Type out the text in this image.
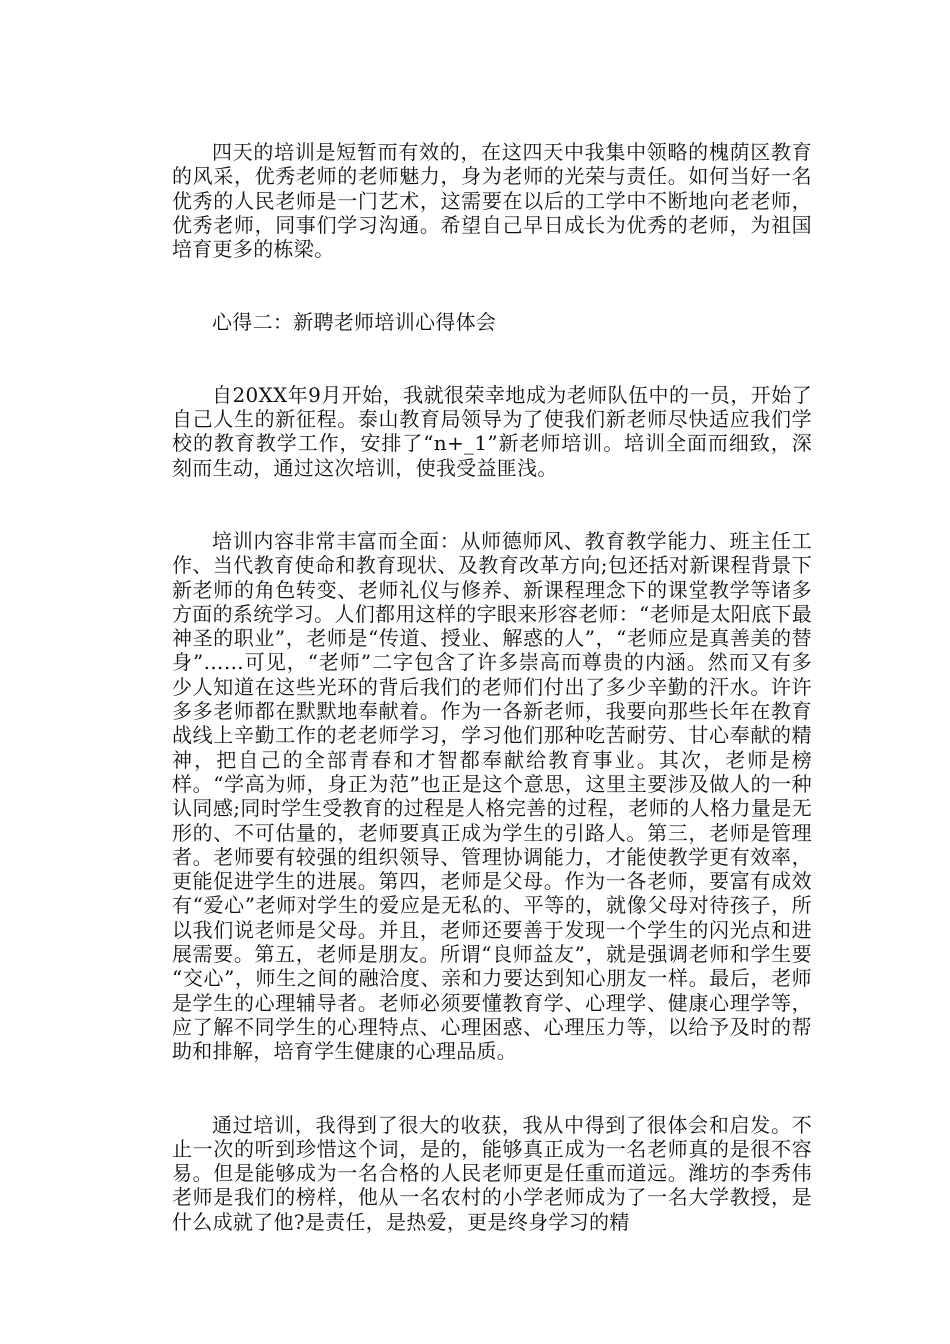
四天的培训是短暂而有效的，在这四天中我集中领略的槐荫区教育的风采，优秀老师的老师魅力，身为老师的光荣与责任。如何当好一名优秀的人民老师是一门艺术，这需要在以后的工学中不断地向老老师，优秀老师，同事们学习沟通。希望自己早日成长为优秀的老师，为祖国培育更多的栋梁。

心得二：新聘老师培训心得体会

自20XX年9月开始，我就很荣幸地成为老师队伍中的一员，开始了自己人生的新征程。泰山教育局领导为了使我们新老师尽快适应我们学校的教育教学工作，安排了“n+_1”新老师培训。培训全面而细致，深刻而生动，通过这次培训，使我受益匪浅。

培训内容非常丰富而全面：从师德师风、教育教学能力、班主任工作、当代教育使命和教育现状、及教育改革方向;包还括对新课程背景下新老师的角色转变、老师礼仪与修养、新课程理念下的课堂教学等诸多方面的系统学习。人们都用这样的字眼来形容老师：“老师是太阳底下最神圣的职业”，老师是“传道、授业、解惑的人”，“老师应是真善美的替身”……可见，“老师”二字包含了许多崇高而尊贵的内涵。然而又有多少人知道在这些光环的背后我们的老师们付出了多少辛勤的汗水。许许多多老师都在默默地奉献着。作为一各新老师，我要向那些长年在教育战线上辛勤工作的老老师学习，学习他们那种吃苦耐劳、甘心奉献的精神，把自己的全部青春和才智都奉献给教育事业。其次，老师是榜样。“学高为师，身正为范”也正是这个意思，这里主要涉及做人的一种认同感;同时学生受教育的过程是人格完善的过程，老师的人格力量是无形的、不可估量的，老师要真正成为学生的引路人。第三，老师是管理者。老师要有较强的组织领导、管理协调能力，才能使教学更有效率，更能促进学生的进展。第四，老师是父母。作为一各老师，要富有成效有“爱心”老师对学生的爱应是无私的、平等的，就像父母对待孩子，所以我们说老师是父母。并且，老师还要善于发现一个学生的闪光点和进展需要。第五，老师是朋友。所谓“良师益友”，就是强调老师和学生要 “交心”，师生之间的融洽度、亲和力要达到知心朋友一样。最后，老师是学生的心理辅导者。老师必须要懂教育学、心理学、健康心理学等，应了解不同学生的心理特点、心理困惑、心理压力等，以给予及时的帮助和排解，培育学生健康的心理品质。

通过培训，我得到了很大的收获，我从中得到了很体会和启发。不止一次的听到珍惜这个词，是的，能够真正成为一名老师真的是很不容易。但是能够成为一名合格的人民老师更是任重而道远。潍坊的李秀伟老师是我们的榜样，他从一名农村的小学老师成为了一名大学教授，是什么成就了他?是责任，是热爱，更是终身学习的精
